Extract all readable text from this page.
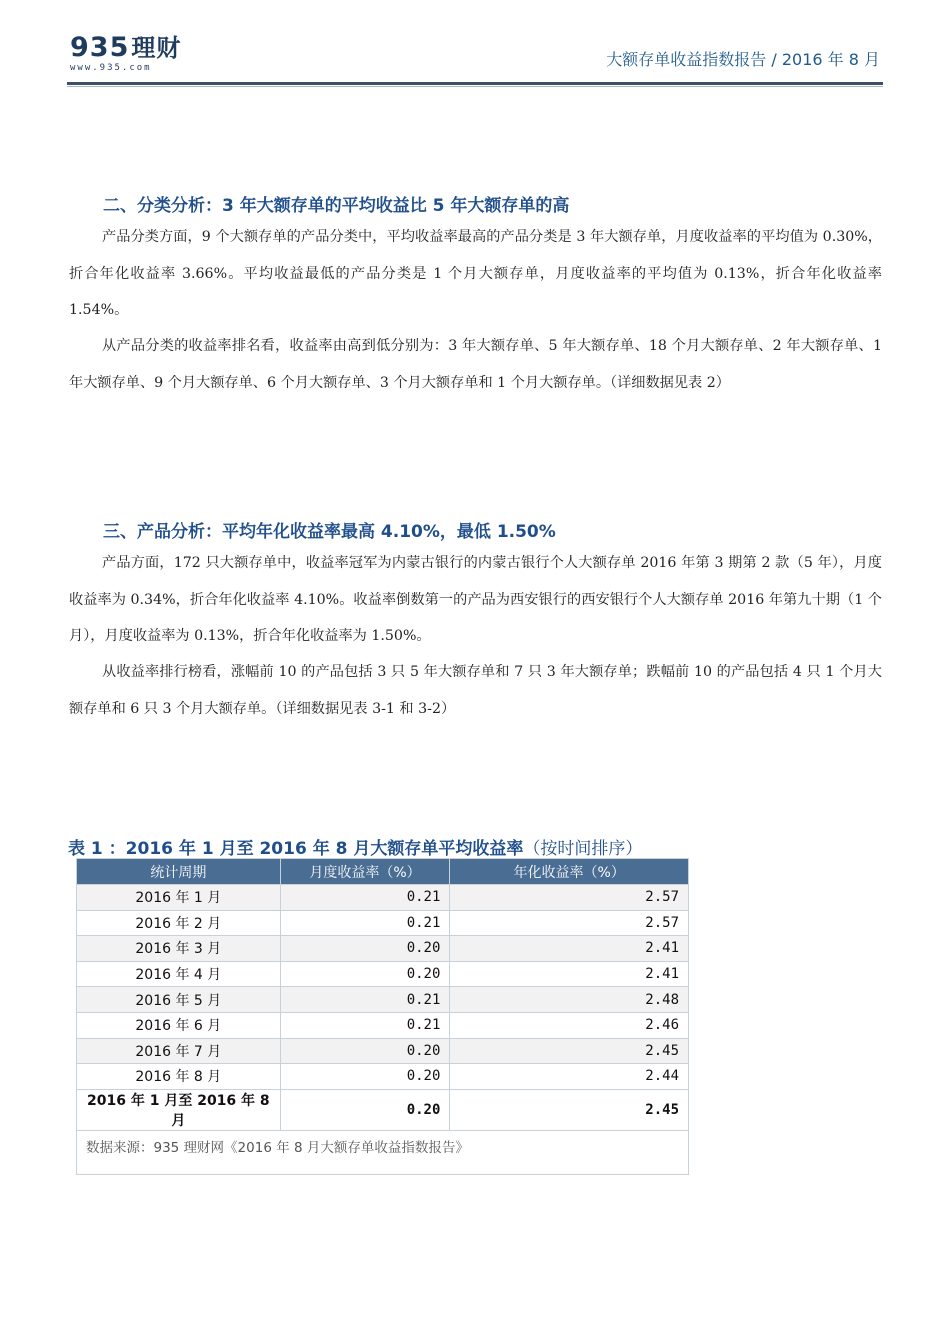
935理财
www.935.com	大额存单收益指数报告 / 2016 年 8 月
二、分类分析：3 年大额存单的平均收益比 5 年大额存单的高
产品分类方面，9 个大额存单的产品分类中，平均收益率最高的产品分类是 3 年大额存单，月度收益率的平均值为 0.30%，折合年化收益率 3.66%。平均收益最低的产品分类是 1 个月大额存单，月度收益率的平均值为 0.13%，折合年化收益率 1.54%。
从产品分类的收益率排名看，收益率由高到低分别为：3 年大额存单、5 年大额存单、18 个月大额存单、2 年大额存单、1 年大额存单、9 个月大额存单、6 个月大额存单、3 个月大额存单和 1 个月大额存单。（详细数据见表 2）
三、产品分析：平均年化收益率最高 4.10%，最低 1.50%
产品方面，172 只大额存单中，收益率冠军为内蒙古银行的内蒙古银行个人大额存单 2016 年第 3 期第 2 款（5 年），月度收益率为 0.34%，折合年化收益率 4.10%。收益率倒数第一的产品为西安银行的西安银行个人大额存单 2016 年第九十期（1 个月），月度收益率为 0.13%，折合年化收益率为 1.50%。
从收益率排行榜看，涨幅前 10 的产品包括 3 只 5 年大额存单和 7 只 3 年大额存单；跌幅前 10 的产品包括 4 只 1 个月大额存单和 6 只 3 个月大额存单。（详细数据见表 3-1 和 3-2）
表 1 ：2016 年 1 月至 2016 年 8 月大额存单平均收益率（按时间排序）
统计周期	月度收益率（%）	年化收益率（%）
2016 年 1 月	0.21	2.57
2016 年 2 月	0.21	2.57
2016 年 3 月	0.20	2.41
2016 年 4 月	0.20	2.41
2016 年 5 月	0.21	2.48
2016 年 6 月	0.21	2.46
2016 年 7 月	0.20	2.45
2016 年 8 月	0.20	2.44
2016 年 1 月至 2016 年 8 月	0.20	2.45
数据来源：935 理财网《2016 年 8 月大额存单收益指数报告》		
